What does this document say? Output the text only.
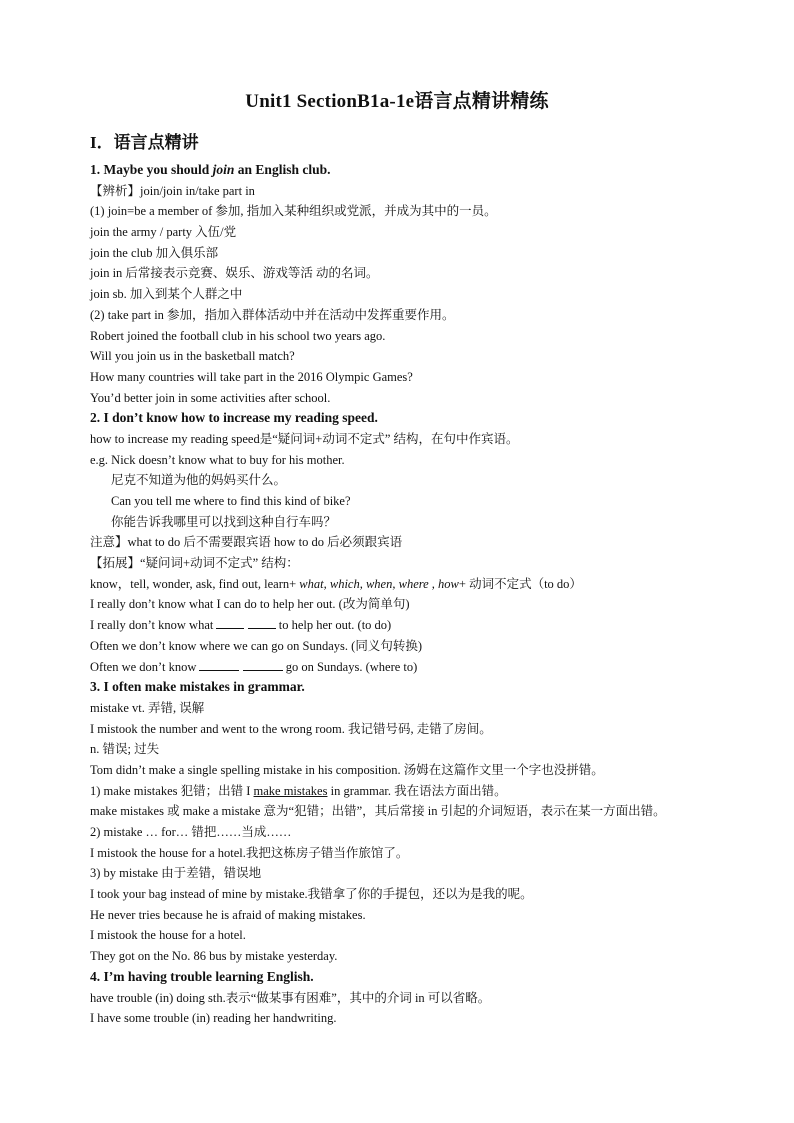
Unit1 SectionB1a-1e语言点精讲精练
I．语言点精讲
1. Maybe you should join an English club.
【辨析】join/join in/take part in
(1) join=be a member of 参加, 指加入某种组织或党派，并成为其中的一员。
join the army / party 入伍/党
join the club 加入俱乐部
join in 后常接表示竞赛、娱乐、游戏等活 动的名词。
join sb. 加入到某个人群之中
(2) take part in 参加，指加入群体活动中并在活动中发挥重要作用。
Robert joined the football club in his school two years ago.
Will you join us in the basketball match?
How many countries will take part in the 2016 Olympic Games?
You’d better join in some activities after school.
2. I don’t know how to increase my reading speed.
how to increase my reading speed是“疑问词+动词不定式” 结构，在句中作宾语。
e.g. Nick doesn’t know what to buy for his mother.
尼克不知道为他的妈妈买什么。
Can you tell me where to find this kind of bike?
你能告诉我哪里可以找到这种自行车吗？
注意】what to do 后不需要跟宾语 how to do 后必须跟宾语
【拓展】“疑问词+动词不定式” 结构：
know，tell, wonder, ask, find out, learn+ what, which, when, where , how+ 动词不定式（to do）
I really don’t know what I can do to help her out. (改为简单句)
I really don’t know what	to help her out. (to do)
Often we don’t know where we can go on Sundays. (同义句转换)
Often we don’t know	go on Sundays. (where to)
3. I often make mistakes in grammar.
mistake vt. 弄错, 误解
I mistook the number and went to the wrong room. 我记错号码, 走错了房间。
n. 错误; 过失
Tom didn’t make a single spelling mistake in his composition. 汤姆在这篇作文里一个字也没拼错。
1) make mistakes 犯错；出错 I make mistakes in grammar. 我在语法方面出错。
make mistakes 或 make a mistake 意为“犯错；出错”，其后常接 in 引起的介词短语，表示在某一方面出错。
2) mistake … for… 错把……当成……
I mistook the house for a hotel.我把这栋房子错当作旅馆了。
3) by mistake 由于差错，错误地
I took your bag instead of mine by mistake.我错拿了你的手提包，还以为是我的呢。
He never tries because he is afraid of making mistakes.
I mistook the house for a hotel.
They got on the No. 86 bus by mistake yesterday.
4. I’m having trouble learning English.
have trouble (in) doing sth.表示“做某事有困难”，其中的介词 in 可以省略。
I have some trouble (in) reading her handwriting.
